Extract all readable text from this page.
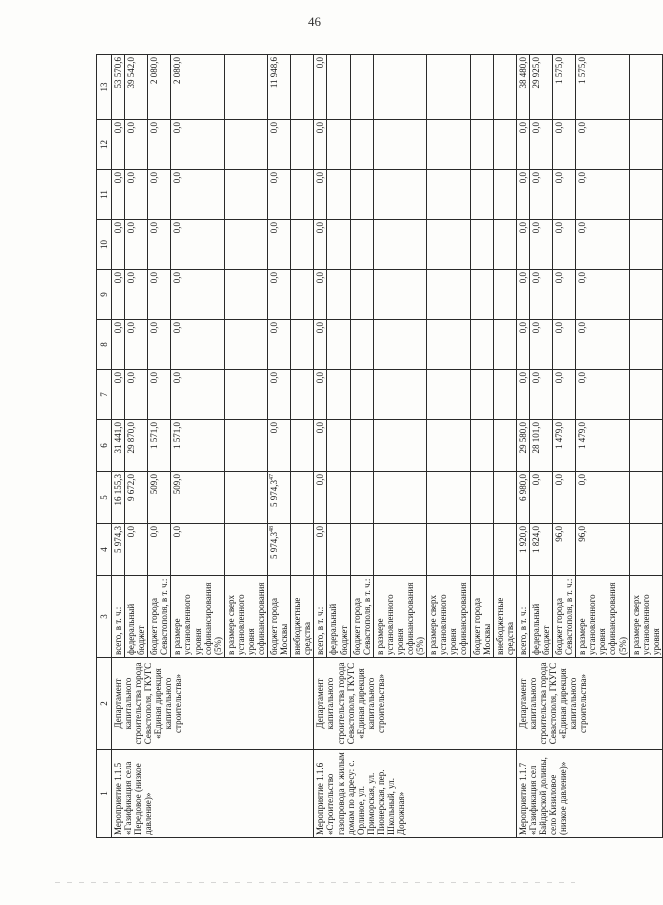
46
1	2	3	4	5	6	7	8	9	10	11	12	13
Мероприятие 1.1.5 «Газификация села Передовое (низкое давление)»	Департамент капитального строительства города Севастополя, ГКУГС «Единая дирекция капитального строительства»	всего, в т. ч.:	5 974,3	16 155,3	31 441,0	0,0	0,0	0,0	0,0	0,0	0,0	53 570,6
		федеральный бюджет	0,0	9 672,0	29 870,0	0,0	0,0	0,0	0,0	0,0	0,0	39 542,0
		бюджет города Севастополя, в т. ч.:	0,0	509,0	1 571,0	0,0	0,0	0,0	0,0	0,0	0,0	2 080,0
		в размере установленного уровня софинансирования (5%)	0,0	509,0	1 571,0	0,0	0,0	0,0	0,0	0,0	0,0	2 080,0
		в размере сверх установленного уровня софинансирования										
		бюджет города Москвы	5 974,3$^{48}$	5 974,3$^{47}$	0,0	0,0	0,0	0,0	0,0	0,0	0,0	11 948,6
		внебюджетные средства										
Мероприятие 1.1.6 «Строительство газопровода к жилым домам по адресу: с. Орлиное, ул. Приморская, ул. Пионерская, пер. Школьный, ул. Дорожная»	Департамент капитального строительства города Севастополя, ГКУГС «Единая дирекция капитального строительства»	всего, в т. ч.:	0,0	0,0	0,0	0,0	0,0	0,0	0,0	0,0	0,0	0,0
		федеральный бюджет										
		бюджет города Севастополя, в т. ч.:										
		в размере установленного уровня софинансирования (5%)										
		в размере сверх установленного уровня софинансирования										
		бюджет города Москвы										
		внебюджетные средства										
Мероприятие 1.1.7 «Газификация сел Байдарской долины, село Кизиловое (низкое давление)»	Департамент капитального строительства города Севастополя, ГКУГС «Единая дирекция капитального строительства»	всего, в т. ч.:	1 920,0	6 980,0	29 580,0	0,0	0,0	0,0	0,0	0,0	0,0	38 480,0
		федеральный бюджет	1 824,0	0,0	28 101,0	0,0	0,0	0,0	0,0	0,0	0,0	29 925,0
		бюджет города Севастополя, в т. ч.:	96,0	0,0	1 479,0	0,0	0,0	0,0	0,0	0,0	0,0	1 575,0
		в размере установленного уровня софинансирования (5%)	96,0	0,0	1 479,0	0,0	0,0	0,0	0,0	0,0	0,0	1 575,0
		в размере сверх установленного уровня										
